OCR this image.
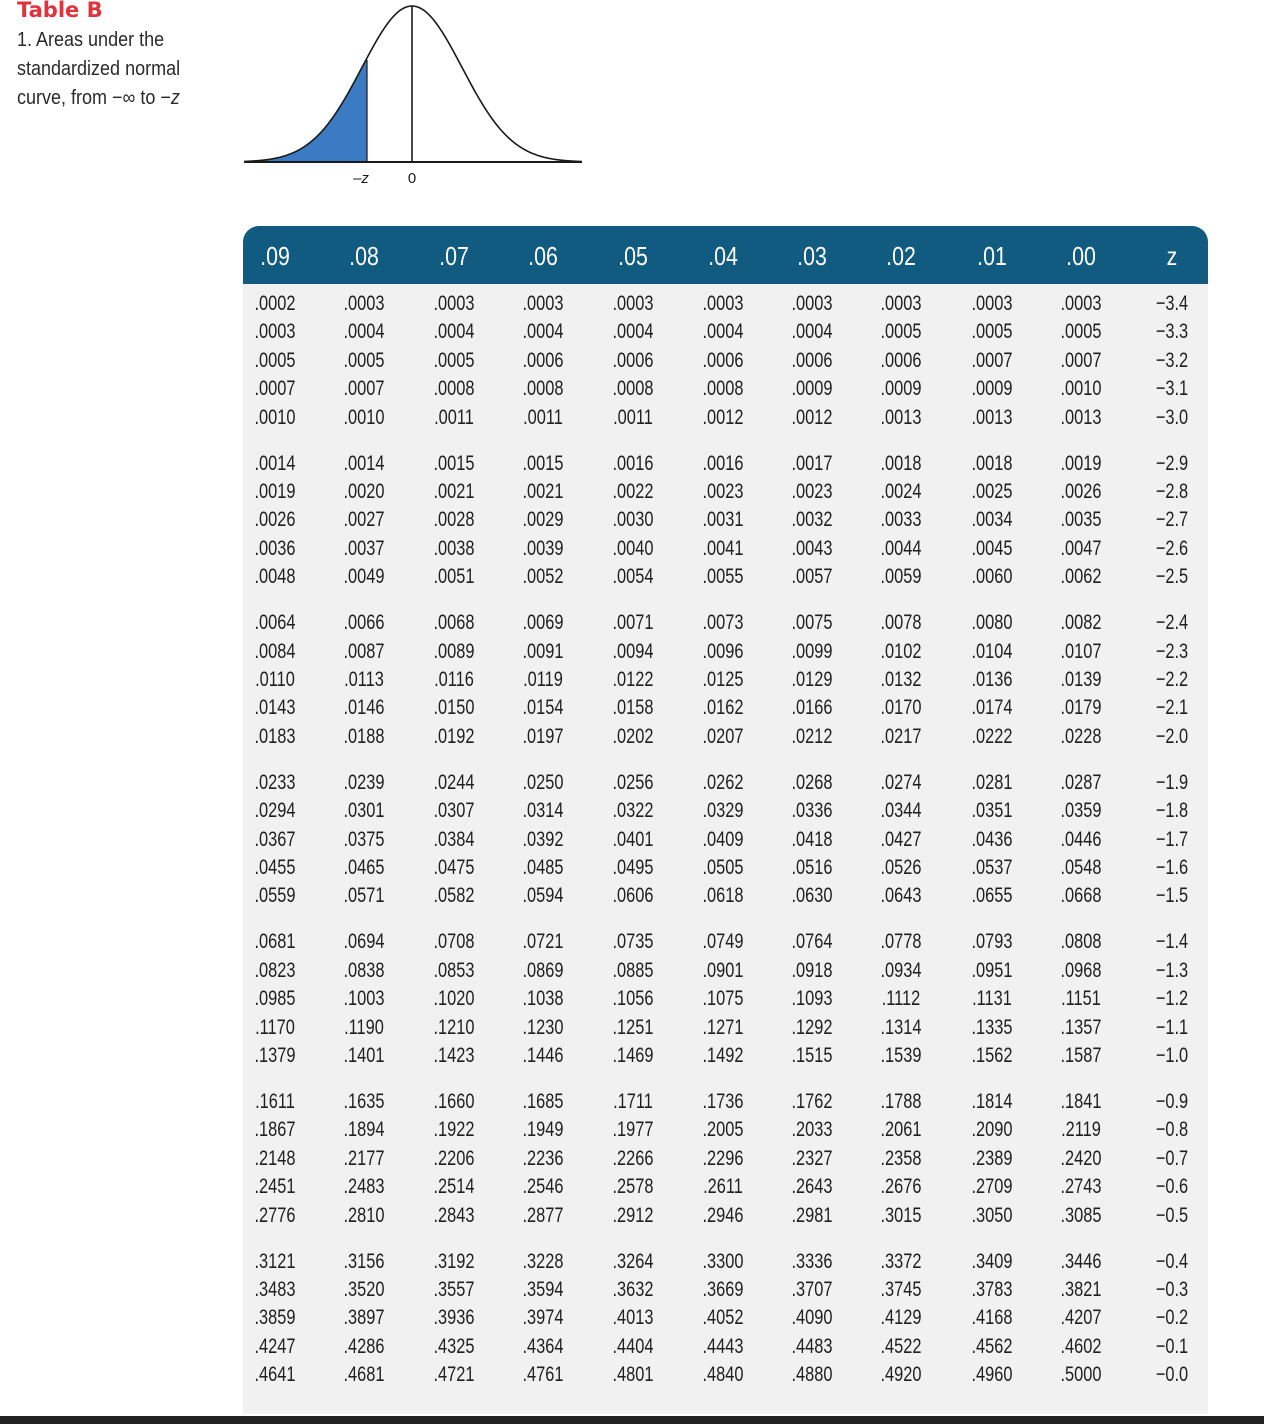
Table B
1. Areas under the
standardized normal
curve, from −∞ to −z
–z	0
.09	.08	.07	.06	.05	.04	.03	.02	.01	.00	z
.0002	.0003	.0003	.0003	.0003	.0003	.0003	.0003	.0003	.0003	−3.4
.0003	.0004	.0004	.0004	.0004	.0004	.0004	.0005	.0005	.0005	−3.3
.0005	.0005	.0005	.0006	.0006	.0006	.0006	.0006	.0007	.0007	−3.2
.0007	.0007	.0008	.0008	.0008	.0008	.0009	.0009	.0009	.0010	−3.1
.0010	.0010	.0011	.0011	.0011	.0012	.0012	.0013	.0013	.0013	−3.0
.0014	.0014	.0015	.0015	.0016	.0016	.0017	.0018	.0018	.0019	−2.9
.0019	.0020	.0021	.0021	.0022	.0023	.0023	.0024	.0025	.0026	−2.8
.0026	.0027	.0028	.0029	.0030	.0031	.0032	.0033	.0034	.0035	−2.7
.0036	.0037	.0038	.0039	.0040	.0041	.0043	.0044	.0045	.0047	−2.6
.0048	.0049	.0051	.0052	.0054	.0055	.0057	.0059	.0060	.0062	−2.5
.0064	.0066	.0068	.0069	.0071	.0073	.0075	.0078	.0080	.0082	−2.4
.0084	.0087	.0089	.0091	.0094	.0096	.0099	.0102	.0104	.0107	−2.3
.0110	.0113	.0116	.0119	.0122	.0125	.0129	.0132	.0136	.0139	−2.2
.0143	.0146	.0150	.0154	.0158	.0162	.0166	.0170	.0174	.0179	−2.1
.0183	.0188	.0192	.0197	.0202	.0207	.0212	.0217	.0222	.0228	−2.0
.0233	.0239	.0244	.0250	.0256	.0262	.0268	.0274	.0281	.0287	−1.9
.0294	.0301	.0307	.0314	.0322	.0329	.0336	.0344	.0351	.0359	−1.8
.0367	.0375	.0384	.0392	.0401	.0409	.0418	.0427	.0436	.0446	−1.7
.0455	.0465	.0475	.0485	.0495	.0505	.0516	.0526	.0537	.0548	−1.6
.0559	.0571	.0582	.0594	.0606	.0618	.0630	.0643	.0655	.0668	−1.5
.0681	.0694	.0708	.0721	.0735	.0749	.0764	.0778	.0793	.0808	−1.4
.0823	.0838	.0853	.0869	.0885	.0901	.0918	.0934	.0951	.0968	−1.3
.0985	.1003	.1020	.1038	.1056	.1075	.1093	.1112	.1131	.1151	−1.2
.1170	.1190	.1210	.1230	.1251	.1271	.1292	.1314	.1335	.1357	−1.1
.1379	.1401	.1423	.1446	.1469	.1492	.1515	.1539	.1562	.1587	−1.0
.1611	.1635	.1660	.1685	.1711	.1736	.1762	.1788	.1814	.1841	−0.9
.1867	.1894	.1922	.1949	.1977	.2005	.2033	.2061	.2090	.2119	−0.8
.2148	.2177	.2206	.2236	.2266	.2296	.2327	.2358	.2389	.2420	−0.7
.2451	.2483	.2514	.2546	.2578	.2611	.2643	.2676	.2709	.2743	−0.6
.2776	.2810	.2843	.2877	.2912	.2946	.2981	.3015	.3050	.3085	−0.5
.3121	.3156	.3192	.3228	.3264	.3300	.3336	.3372	.3409	.3446	−0.4
.3483	.3520	.3557	.3594	.3632	.3669	.3707	.3745	.3783	.3821	−0.3
.3859	.3897	.3936	.3974	.4013	.4052	.4090	.4129	.4168	.4207	−0.2
.4247	.4286	.4325	.4364	.4404	.4443	.4483	.4522	.4562	.4602	−0.1
.4641	.4681	.4721	.4761	.4801	.4840	.4880	.4920	.4960	.5000	−0.0
